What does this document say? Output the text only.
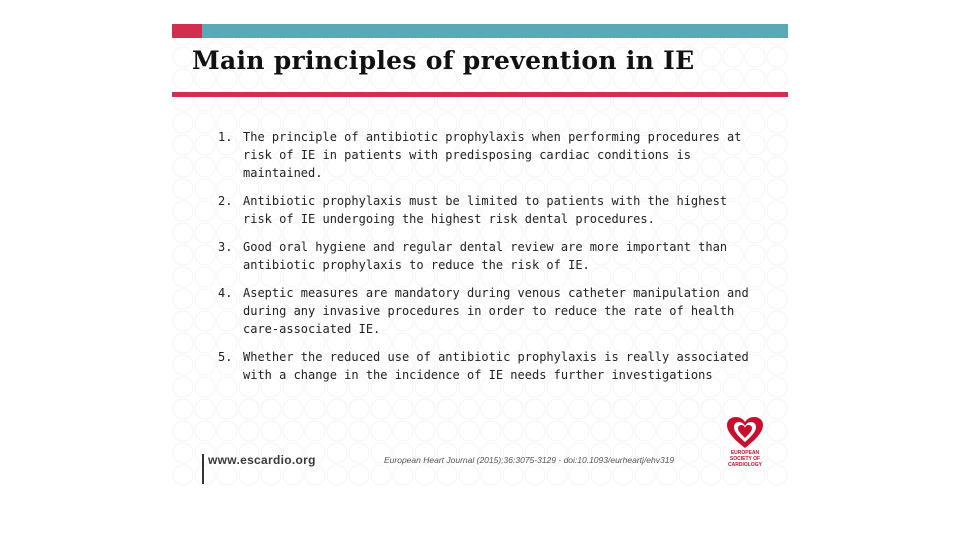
Main principles of prevention in IE
1. The principle of antibiotic prophylaxis when performing procedures at risk of IE in patients with predisposing cardiac conditions is maintained.
2. Antibiotic prophylaxis must be limited to patients with the highest risk of IE undergoing the highest risk dental procedures.
3. Good oral hygiene and regular dental review are more important than antibiotic prophylaxis to reduce the risk of IE.
4. Aseptic measures are mandatory during venous catheter manipulation and during any invasive procedures in order to reduce the rate of health care-associated IE.
5. Whether the reduced use of antibiotic prophylaxis is really associated with a change in the incidence of IE needs further investigations
www.escardio.org	European Heart Journal (2015);36:3075-3129 - doi:10.1093/eurheartj/ehv319
EUROPEAN
SOCIETY OF
CARDIOLOGY
